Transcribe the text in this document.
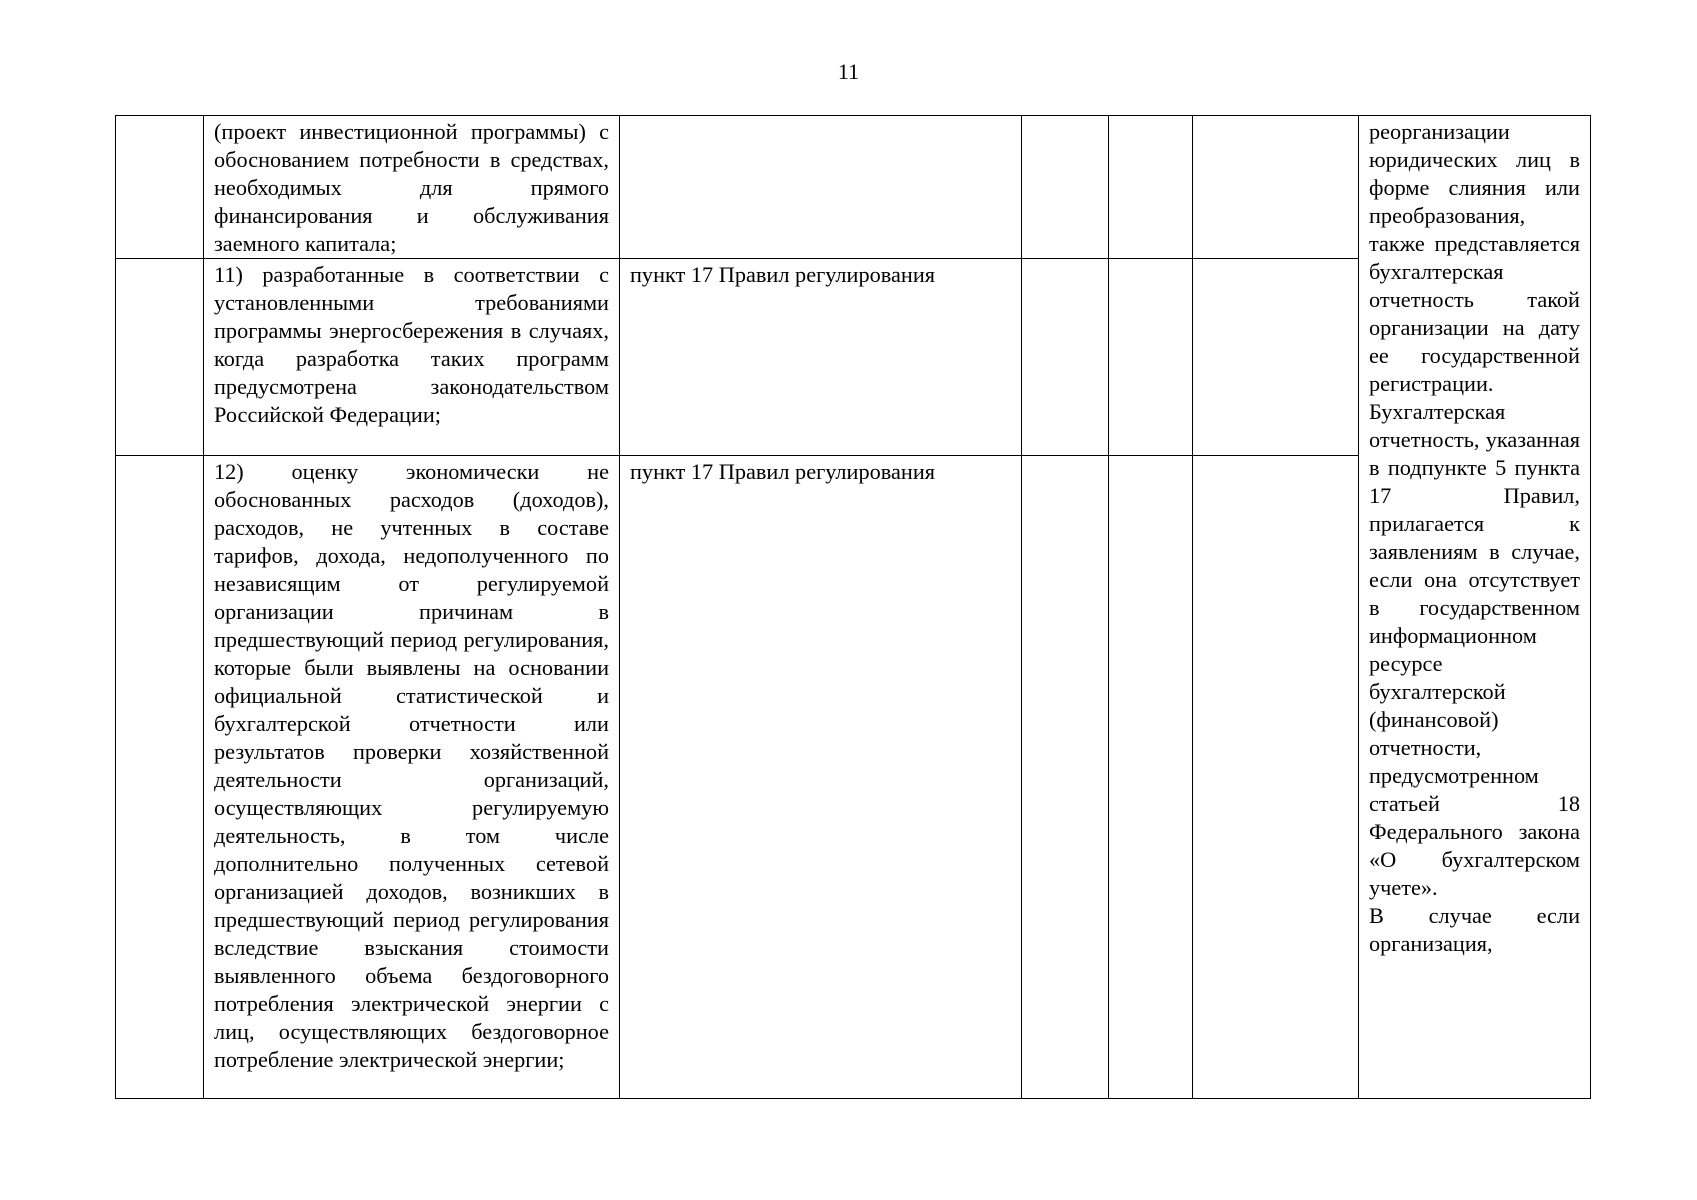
11
	(проект инвестиционной программы) с обоснованием потребности в средствах, необходимых для прямого финансирования и обслуживания заемного капитала;					реорганизации юридических лиц в форме слияния или преобразования, также представляется бухгалтерская отчетность такой организации на дату ее государственной регистрации.
Бухгалтерская отчетность, указанная в подпункте 5 пункта 17 Правил, прилагается к заявлениям в случае, если она отсутствует в государственном информационном ресурсе бухгалтерской (финансовой) отчетности, предусмотренном статьей 18 Федерального закона «О бухгалтерском учете».
В случае если организация,

	11) разработанные в соответствии с установленными требованиями программы энергосбережения в случаях, когда разработка таких программ предусмотрена законодательством Российской Федерации;	пункт 17 Правил регулирования				
	12) оценку экономически не обоснованных расходов (доходов), расходов, не учтенных в составе тарифов, дохода, недополученного по независящим от регулируемой организации причинам в предшествующий период регулирования, которые были выявлены на основании официальной статистической и бухгалтерской отчетности или результатов проверки хозяйственной деятельности организаций, осуществляющих регулируемую деятельность, в том числе дополнительно полученных сетевой организацией доходов, возникших в предшествующий период регулирования вследствие взыскания стоимости выявленного объема бездоговорного потребления электрической энергии с лиц, осуществляющих бездоговорное потребление электрической энергии;	пункт 17 Правил регулирования				
